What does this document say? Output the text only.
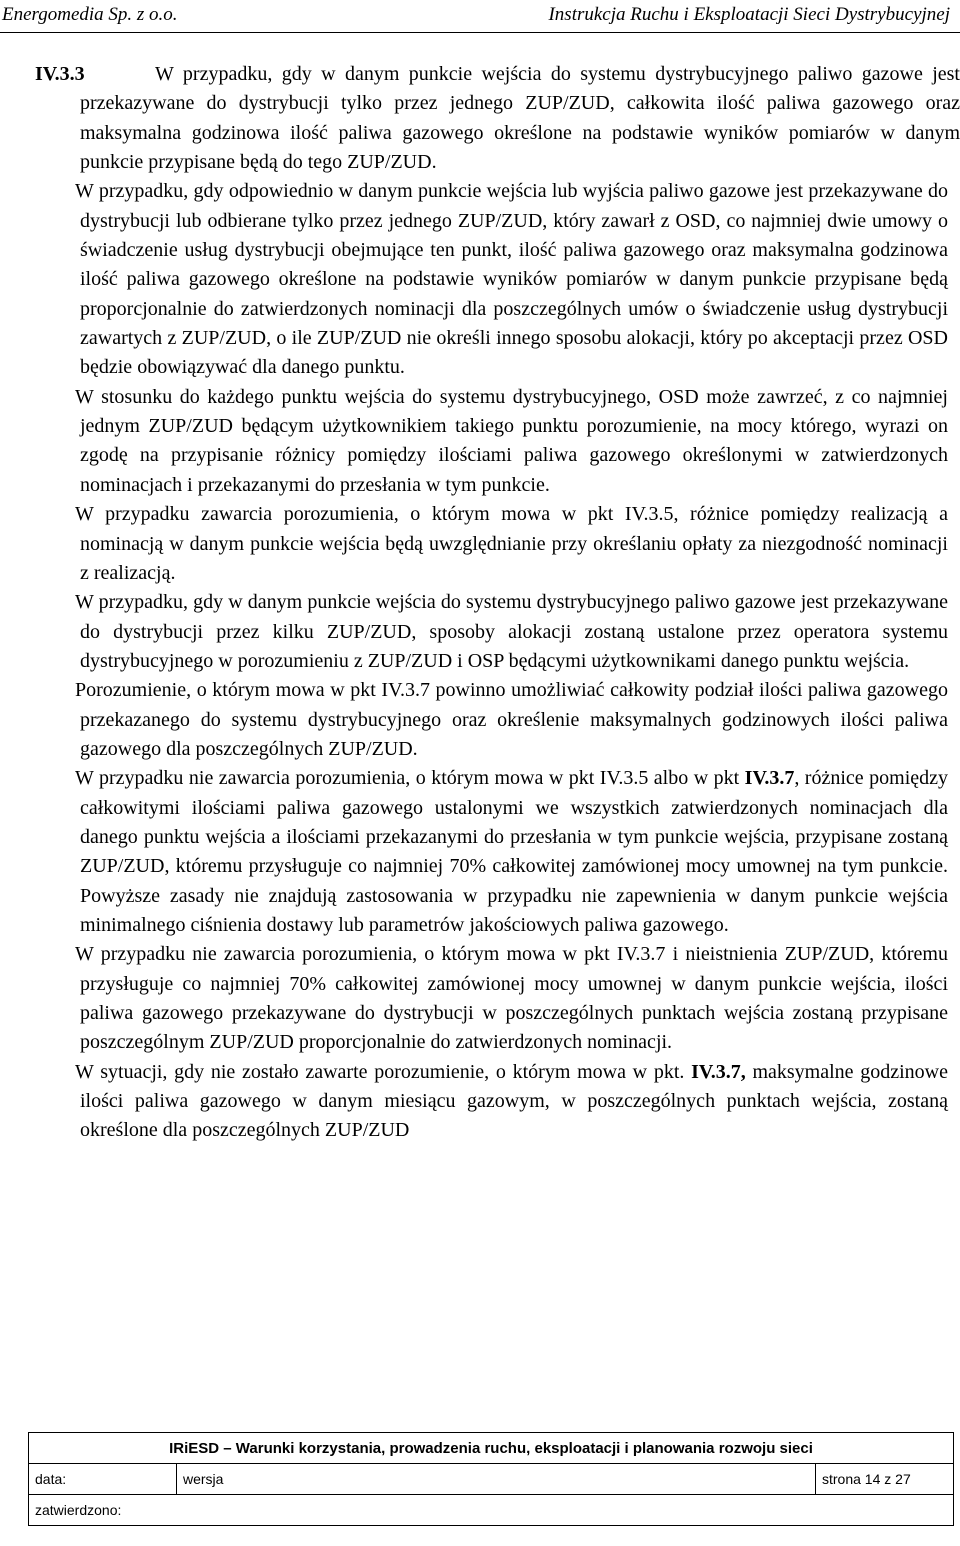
Energomedia Sp. z o.o.	Instrukcja Ruchu i Eksploatacji Sieci Dystrybucyjnej

IV.3.3	W przypadku, gdy w danym punkcie wejścia do systemu dystrybucyjnego paliwo gazowe jest przekazywane do dystrybucji tylko przez jednego ZUP/ZUD, całkowita ilość paliwa gazowego oraz maksymalna godzinowa ilość paliwa gazowego określone na podstawie wyników pomiarów w danym punkcie przypisane będą do tego ZUP/ZUD.

W przypadku, gdy odpowiednio w danym punkcie wejścia lub wyjścia paliwo gazowe jest przekazywane do dystrybucji lub odbierane tylko przez jednego ZUP/ZUD, który zawarł z OSD, co najmniej dwie umowy o świadczenie usług dystrybucji obejmujące ten punkt, ilość paliwa gazowego oraz maksymalna godzinowa ilość paliwa gazowego określone na podstawie wyników pomiarów w danym punkcie przypisane będą proporcjonalnie do zatwierdzonych nominacji dla poszczególnych umów o świadczenie usług dystrybucji zawartych z ZUP/ZUD, o ile ZUP/ZUD nie określi innego sposobu alokacji, który po akceptacji przez OSD będzie obowiązywać dla danego punktu.

W stosunku do każdego punktu wejścia do systemu dystrybucyjnego, OSD może zawrzeć, z co najmniej jednym ZUP/ZUD będącym użytkownikiem takiego punktu porozumienie, na mocy którego, wyrazi on zgodę na przypisanie różnicy pomiędzy ilościami paliwa gazowego określonymi w zatwierdzonych nominacjach i przekazanymi do przesłania w tym punkcie.

W przypadku zawarcia porozumienia, o którym mowa w pkt IV.3.5, różnice pomiędzy realizacją a nominacją w danym punkcie wejścia będą uwzględnianie przy określaniu opłaty za niezgodność nominacji z realizacją.

W przypadku, gdy w danym punkcie wejścia do systemu dystrybucyjnego paliwo gazowe jest przekazywane do dystrybucji przez kilku ZUP/ZUD, sposoby alokacji zostaną ustalone przez operatora systemu dystrybucyjnego w porozumieniu z ZUP/ZUD i OSP będącymi użytkownikami danego punktu wejścia.

Porozumienie, o którym mowa w pkt IV.3.7 powinno umożliwiać całkowity podział ilości paliwa gazowego przekazanego do systemu dystrybucyjnego oraz określenie maksymalnych godzinowych ilości paliwa gazowego dla poszczególnych ZUP/ZUD.

W przypadku nie zawarcia porozumienia, o którym mowa w pkt IV.3.5 albo w pkt IV.3.7, różnice pomiędzy całkowitymi ilościami paliwa gazowego ustalonymi we wszystkich zatwierdzonych nominacjach dla danego punktu wejścia a ilościami przekazanymi do przesłania w tym punkcie wejścia, przypisane zostaną ZUP/ZUD, któremu przysługuje co najmniej 70% całkowitej zamówionej mocy umownej na tym punkcie. Powyższe zasady nie znajdują zastosowania w przypadku nie zapewnienia w danym punkcie wejścia minimalnego ciśnienia dostawy lub parametrów jakościowych paliwa gazowego.

W przypadku nie zawarcia porozumienia, o którym mowa w pkt IV.3.7 i nieistnienia ZUP/ZUD, któremu przysługuje co najmniej 70% całkowitej zamówionej mocy umownej w danym punkcie wejścia, ilości paliwa gazowego przekazywane do dystrybucji w poszczególnych punktach wejścia zostaną przypisane poszczególnym ZUP/ZUD proporcjonalnie do zatwierdzonych nominacji.

W sytuacji, gdy nie zostało zawarte porozumienie, o którym mowa w pkt. IV.3.7, maksymalne godzinowe ilości paliwa gazowego w danym miesiącu gazowym, w poszczególnych punktach wejścia, zostaną określone dla poszczególnych ZUP/ZUD

IRiESD – Warunki korzystania, prowadzenia ruchu, eksploatacji i planowania rozwoju sieci
data:	wersja	strona 14 z 27
zatwierdzono:
